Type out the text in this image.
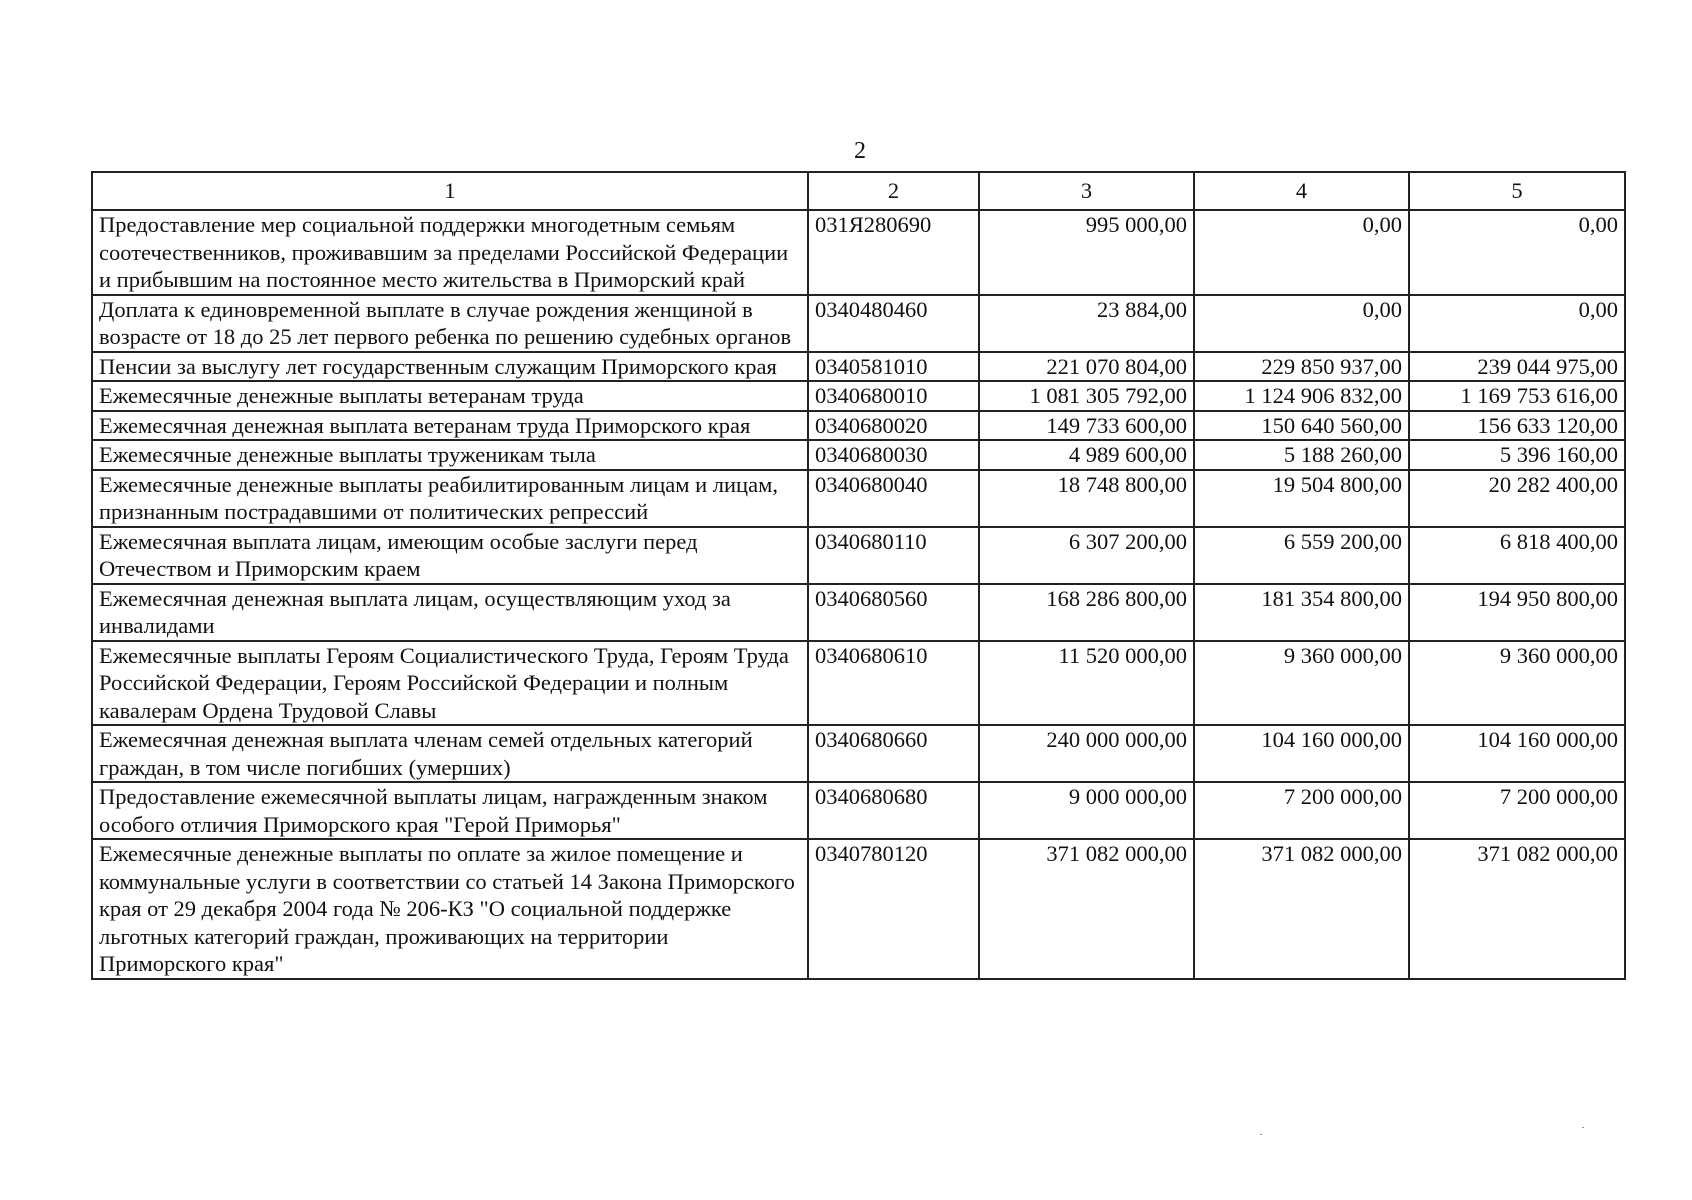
2
1	2	3	4	5
Предоставление мер социальной поддержки многодетным семьям соотечественников, проживавшим за пределами Российской Федерации и прибывшим на постоянное место жительства в Приморский край	031Я280690	995 000,00	0,00	0,00
Доплата к единовременной выплате в случае рождения женщиной в возрасте от 18 до 25 лет первого ребенка по решению судебных органов	0340480460	23 884,00	0,00	0,00
Пенсии за выслугу лет государственным служащим Приморского края	0340581010	221 070 804,00	229 850 937,00	239 044 975,00
Ежемесячные денежные выплаты ветеранам труда	0340680010	1 081 305 792,00	1 124 906 832,00	1 169 753 616,00
Ежемесячная денежная выплата ветеранам труда Приморского края	0340680020	149 733 600,00	150 640 560,00	156 633 120,00
Ежемесячные денежные выплаты труженикам тыла	0340680030	4 989 600,00	5 188 260,00	5 396 160,00
Ежемесячные денежные выплаты реабилитированным лицам и лицам, признанным пострадавшими от политических репрессий	0340680040	18 748 800,00	19 504 800,00	20 282 400,00
Ежемесячная выплата лицам, имеющим особые заслуги перед Отечеством и Приморским краем	0340680110	6 307 200,00	6 559 200,00	6 818 400,00
Ежемесячная денежная выплата лицам, осуществляющим уход за инвалидами	0340680560	168 286 800,00	181 354 800,00	194 950 800,00
Ежемесячные выплаты Героям Социалистического Труда, Героям Труда Российской Федерации, Героям Российской Федерации и полным кавалерам Ордена Трудовой Славы	0340680610	11 520 000,00	9 360 000,00	9 360 000,00
Ежемесячная денежная выплата членам семей отдельных категорий граждан, в том числе погибших (умерших)	0340680660	240 000 000,00	104 160 000,00	104 160 000,00
Предоставление ежемесячной выплаты лицам, награжденным знаком особого отличия Приморского края "Герой Приморья"	0340680680	9 000 000,00	7 200 000,00	7 200 000,00
Ежемесячные денежные выплаты по оплате за жилое помещение и коммунальные услуги в соответствии со статьей 14 Закона Приморского края от 29 декабря 2004 года № 206-КЗ "О социальной поддержке льготных категорий граждан, проживающих на территории Приморского края"	0340780120	371 082 000,00	371 082 000,00	371 082 000,00
